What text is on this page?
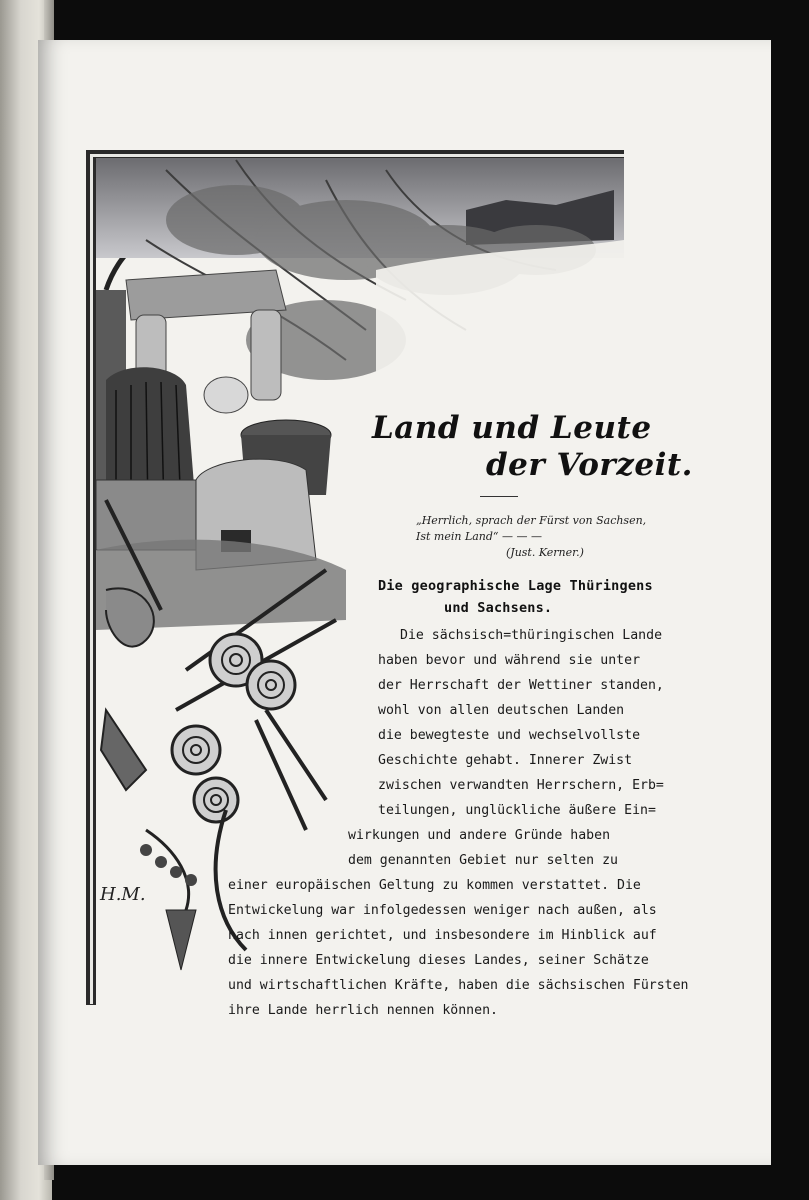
H.M.
Land und Leute
der Vorzeit.
„Herrlich, sprach der Fürst von Sachsen,
Ist mein Land“ — — —
(Just. Kerner.)
Die geographische Lage Thüringens
und Sachsens.
Die sächsisch=thüringischen Lande
haben bevor und während sie unter
der Herrschaft der Wettiner standen,
wohl von allen deutschen Landen
die bewegteste und wechselvollste
Geschichte gehabt. Innerer Zwist
zwischen verwandten Herrschern, Erb=
teilungen, unglückliche äußere Ein=
wirkungen und andere Gründe haben
dem genannten Gebiet nur selten zu
einer europäischen Geltung zu kommen verstattet. Die
Entwickelung war infolgedessen weniger nach außen, als
nach innen gerichtet, und insbesondere im Hinblick auf
die innere Entwickelung dieses Landes, seiner Schätze
und wirtschaftlichen Kräfte, haben die sächsischen Fürsten
ihre Lande herrlich nennen können.
